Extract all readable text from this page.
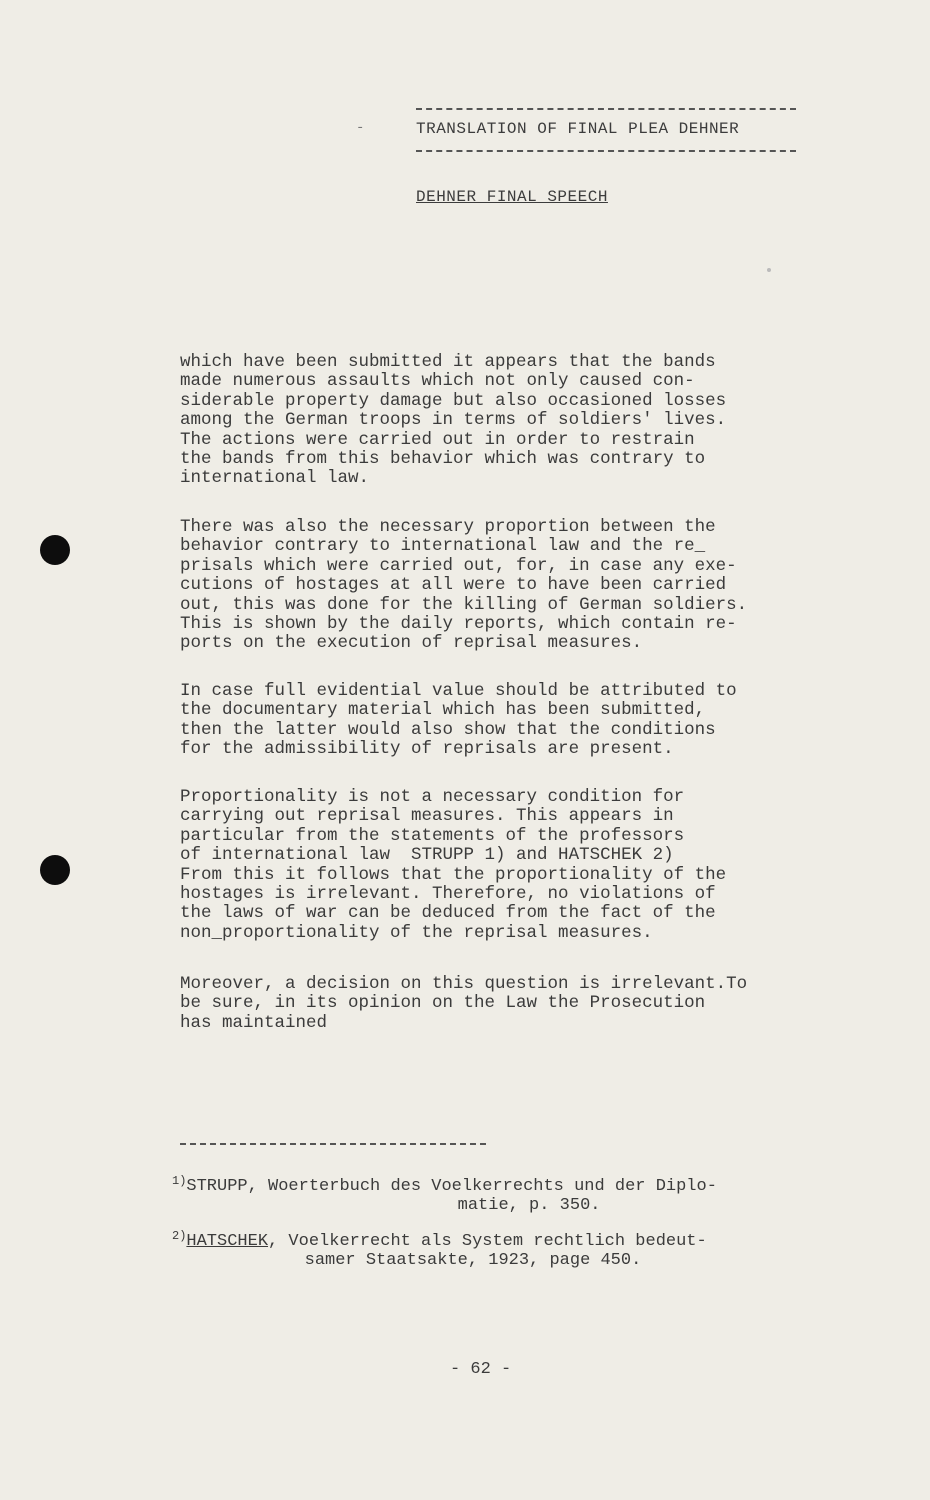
-	TRANSLATION OF FINAL PLEA DEHNER
DEHNER FINAL SPEECH
which have been submitted it appears that the bands
made numerous assaults which not only caused con-
siderable property damage but also occasioned losses
among the German troops in terms of soldiers' lives.
The actions were carried out in order to restrain
the bands from this behavior which was contrary to
international law.
There was also the necessary proportion between the
behavior contrary to international law and the re_
prisals which were carried out, for, in case any exe-
cutions of hostages at all were to have been carried
out, this was done for the killing of German soldiers.
This is shown by the daily reports, which contain re-
ports on the execution of reprisal measures.
In case full evidential value should be attributed to
the documentary material which has been submitted,
then the latter would also show that the conditions
for the admissibility of reprisals are present.
Proportionality is not a necessary condition for
carrying out reprisal measures. This appears in
particular from the statements of the professors
of international law  STRUPP 1) and HATSCHEK 2)
From this it follows that the proportionality of the
hostages is irrelevant. Therefore, no violations of
the laws of war can be deduced from the fact of the
non_proportionality of the reprisal measures.
Moreover, a decision on this question is irrelevant.To
be sure, in its opinion on the Law the Prosecution
has maintained
$^{1)}$STRUPP, Woerterbuch des Voelkerrechts und der Diplo-
matie, p. 350.
$^{2)}$HATSCHEK, Voelkerrecht als System rechtlich bedeut-
samer Staatsakte, 1923, page 450.
- 62 -
